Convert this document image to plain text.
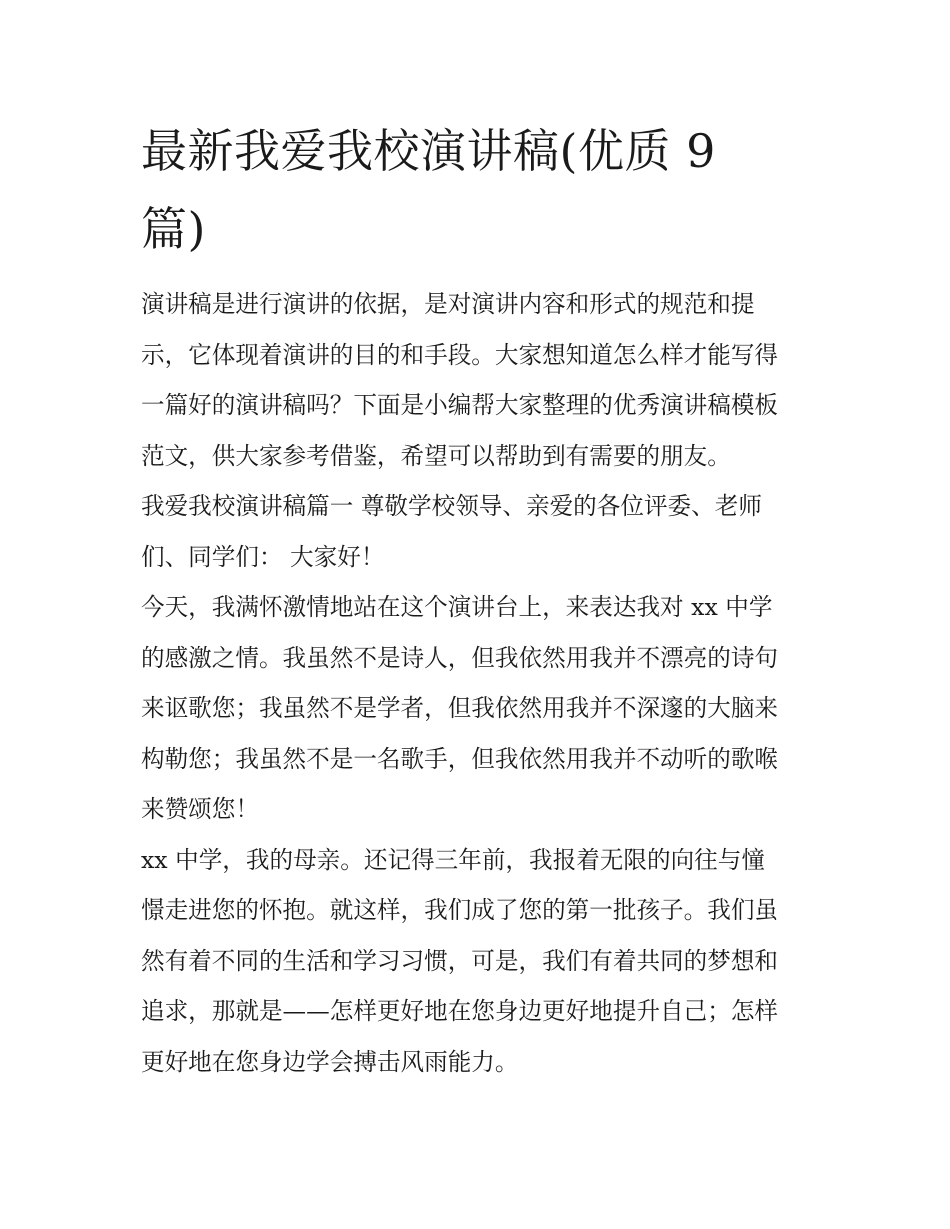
最新我爱我校演讲稿(优质 9
篇)

演讲稿是进行演讲的依据，是对演讲内容和形式的规范和提
示，它体现着演讲的目的和手段。大家想知道怎么样才能写得
一篇好的演讲稿吗？下面是小编帮大家整理的优秀演讲稿模板
范文，供大家参考借鉴，希望可以帮助到有需要的朋友。

我爱我校演讲稿篇一 尊敬学校领导、亲爱的各位评委、老师
们、同学们： 大家好！

今天，我满怀激情地站在这个演讲台上，来表达我对 xx 中学
的感激之情。我虽然不是诗人，但我依然用我并不漂亮的诗句
来讴歌您；我虽然不是学者，但我依然用我并不深邃的大脑来
构勒您；我虽然不是一名歌手，但我依然用我并不动听的歌喉
来赞颂您！

xx 中学，我的母亲。还记得三年前，我报着无限的向往与憧
憬走进您的怀抱。就这样，我们成了您的第一批孩子。我们虽
然有着不同的生活和学习习惯，可是，我们有着共同的梦想和
追求，那就是——怎样更好地在您身边更好地提升自己；怎样
更好地在您身边学会搏击风雨能力。
